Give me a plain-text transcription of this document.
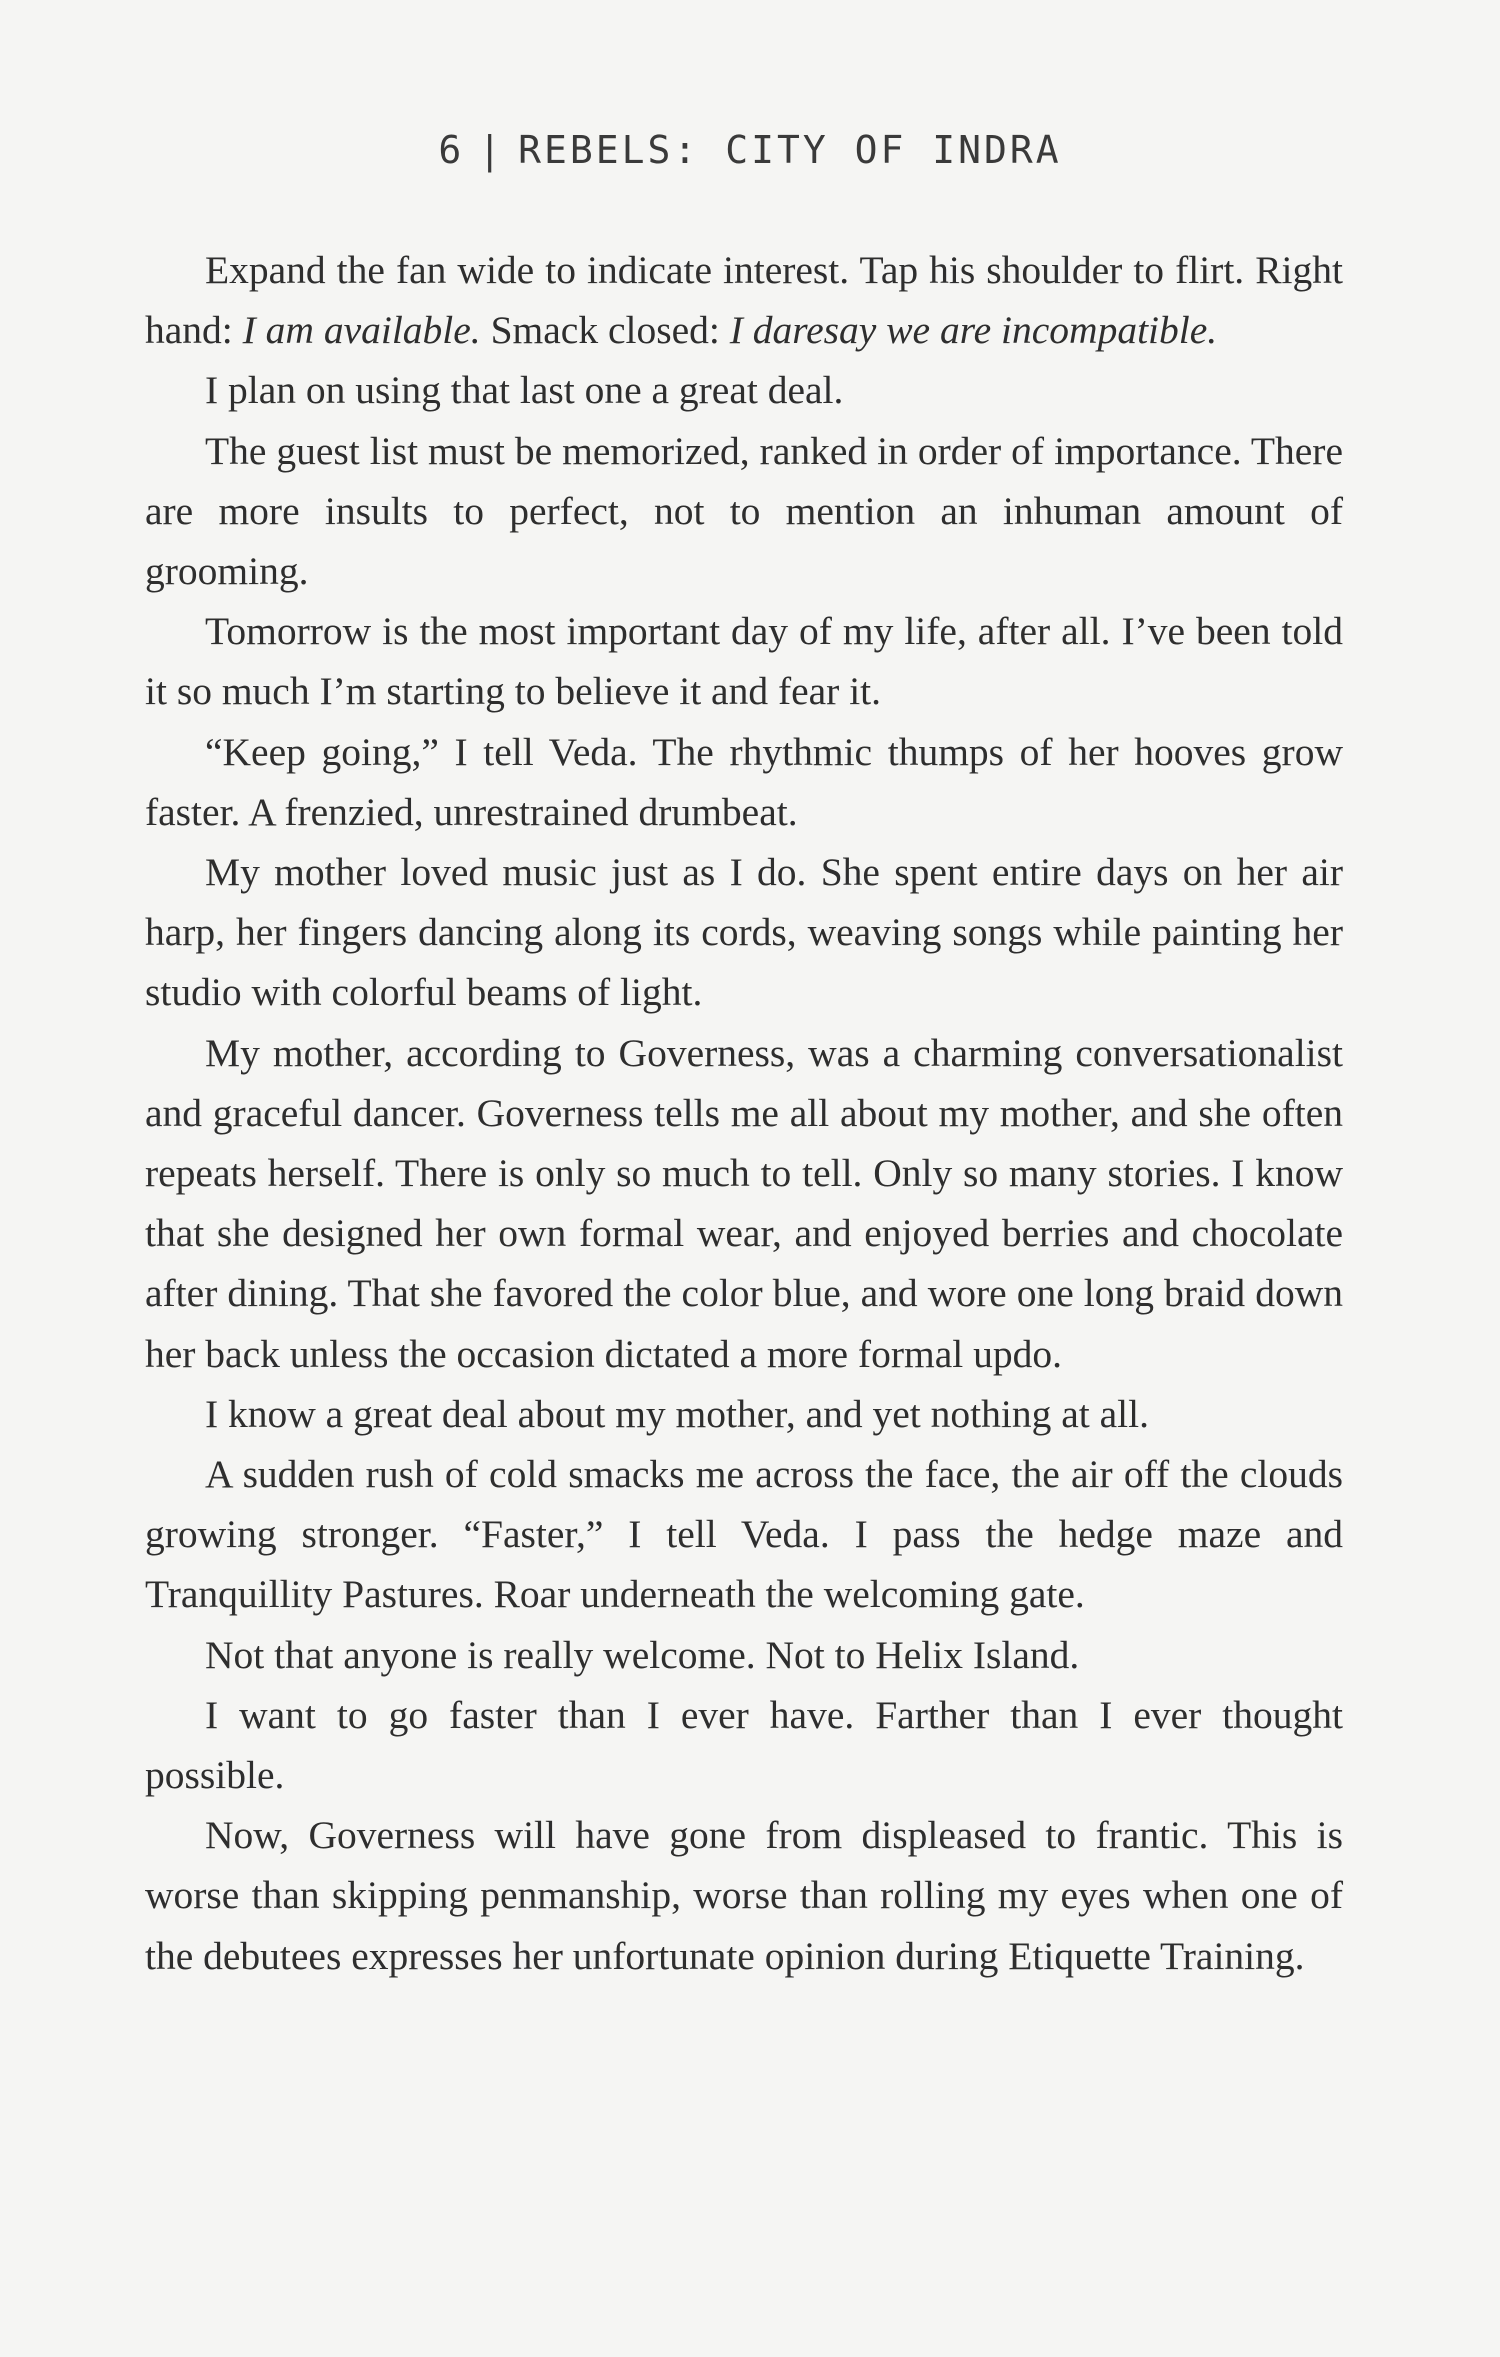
6 | REBELS: CITY OF INDRA

Expand the fan wide to indicate interest. Tap his shoulder to flirt. Right hand: I am available. Smack closed: I daresay we are incompatible.

I plan on using that last one a great deal.

The guest list must be memorized, ranked in order of importance. There are more insults to perfect, not to mention an inhuman amount of grooming.

Tomorrow is the most important day of my life, after all. I’ve been told it so much I’m starting to believe it and fear it.

“Keep going,” I tell Veda. The rhythmic thumps of her hooves grow faster. A frenzied, unrestrained drumbeat.

My mother loved music just as I do. She spent entire days on her air harp, her fingers dancing along its cords, weaving songs while painting her studio with colorful beams of light.

My mother, according to Governess, was a charming conversationalist and graceful dancer. Governess tells me all about my mother, and she often repeats herself. There is only so much to tell. Only so many stories. I know that she designed her own formal wear, and enjoyed berries and chocolate after dining. That she favored the color blue, and wore one long braid down her back unless the occasion dictated a more formal updo.

I know a great deal about my mother, and yet nothing at all.

A sudden rush of cold smacks me across the face, the air off the clouds growing stronger. “Faster,” I tell Veda. I pass the hedge maze and Tranquillity Pastures. Roar underneath the welcoming gate.

Not that anyone is really welcome. Not to Helix Island.

I want to go faster than I ever have. Farther than I ever thought possible.

Now, Governess will have gone from displeased to frantic. This is worse than skipping penmanship, worse than rolling my eyes when one of the debutees expresses her unfortunate opinion during Etiquette Training.
